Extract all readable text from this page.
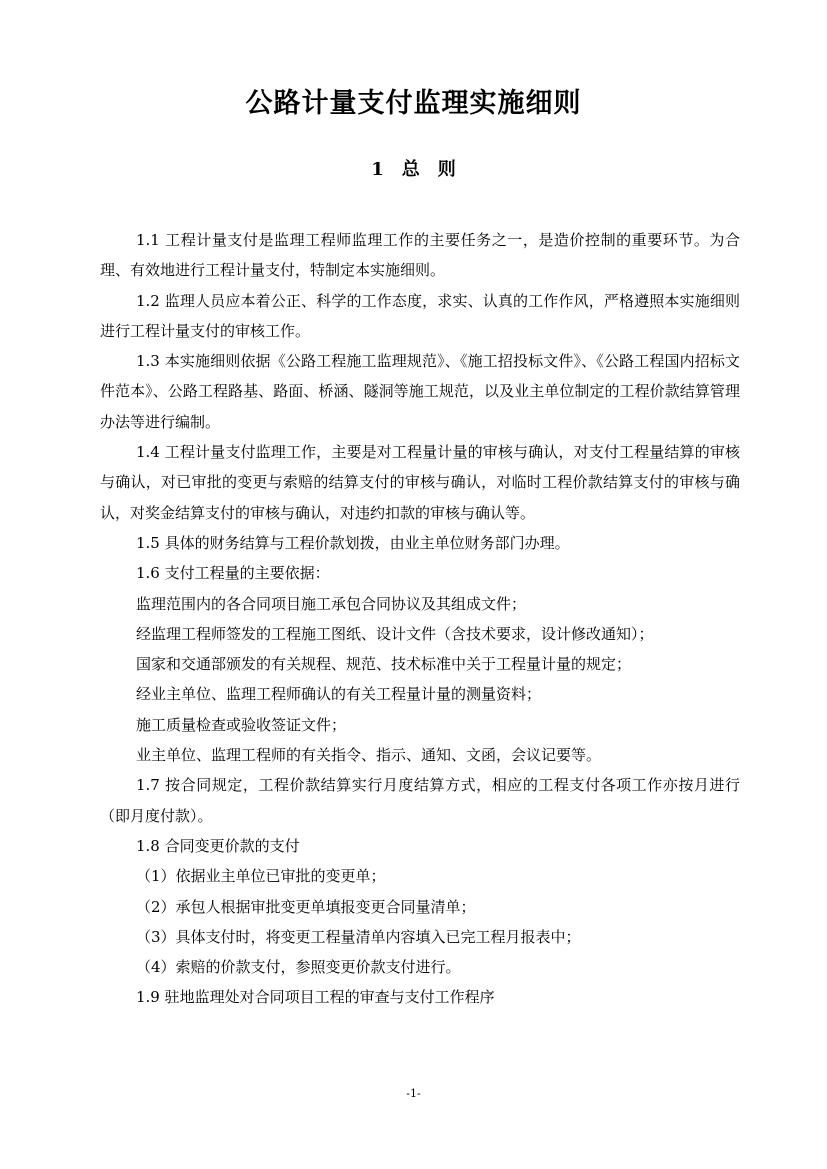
公路计量支付监理实施细则
1 总　则

1.1 工程计量支付是监理工程师监理工作的主要任务之一，是造价控制的重要环节。为合理、有效地进行工程计量支付，特制定本实施细则。

1.2 监理人员应本着公正、科学的工作态度，求实、认真的工作作风，严格遵照本实施细则进行工程计量支付的审核工作。

1.3 本实施细则依据《公路工程施工监理规范》、《施工招投标文件》、《公路工程国内招标文件范本》、公路工程路基、路面、桥涵、隧洞等施工规范，以及业主单位制定的工程价款结算管理办法等进行编制。

1.4 工程计量支付监理工作，主要是对工程量计量的审核与确认，对支付工程量结算的审核与确认，对已审批的变更与索赔的结算支付的审核与确认，对临时工程价款结算支付的审核与确认，对奖金结算支付的审核与确认，对违约扣款的审核与确认等。

1.5 具体的财务结算与工程价款划拨，由业主单位财务部门办理。

1.6 支付工程量的主要依据：

监理范围内的各合同项目施工承包合同协议及其组成文件；

经监理工程师签发的工程施工图纸、设计文件（含技术要求，设计修改通知）；

国家和交通部颁发的有关规程、规范、技术标准中关于工程量计量的规定；

经业主单位、监理工程师确认的有关工程量计量的测量资料；

施工质量检查或验收签证文件；

业主单位、监理工程师的有关指令、指示、通知、文函，会议记要等。

1.7 按合同规定，工程价款结算实行月度结算方式，相应的工程支付各项工作亦按月进行（即月度付款）。

1.8 合同变更价款的支付

（1）依据业主单位已审批的变更单；

（2）承包人根据审批变更单填报变更合同量清单；

（3）具体支付时，将变更工程量清单内容填入已完工程月报表中；

（4）索赔的价款支付，参照变更价款支付进行。

1.9 驻地监理处对合同项目工程的审查与支付工作程序

-1-
